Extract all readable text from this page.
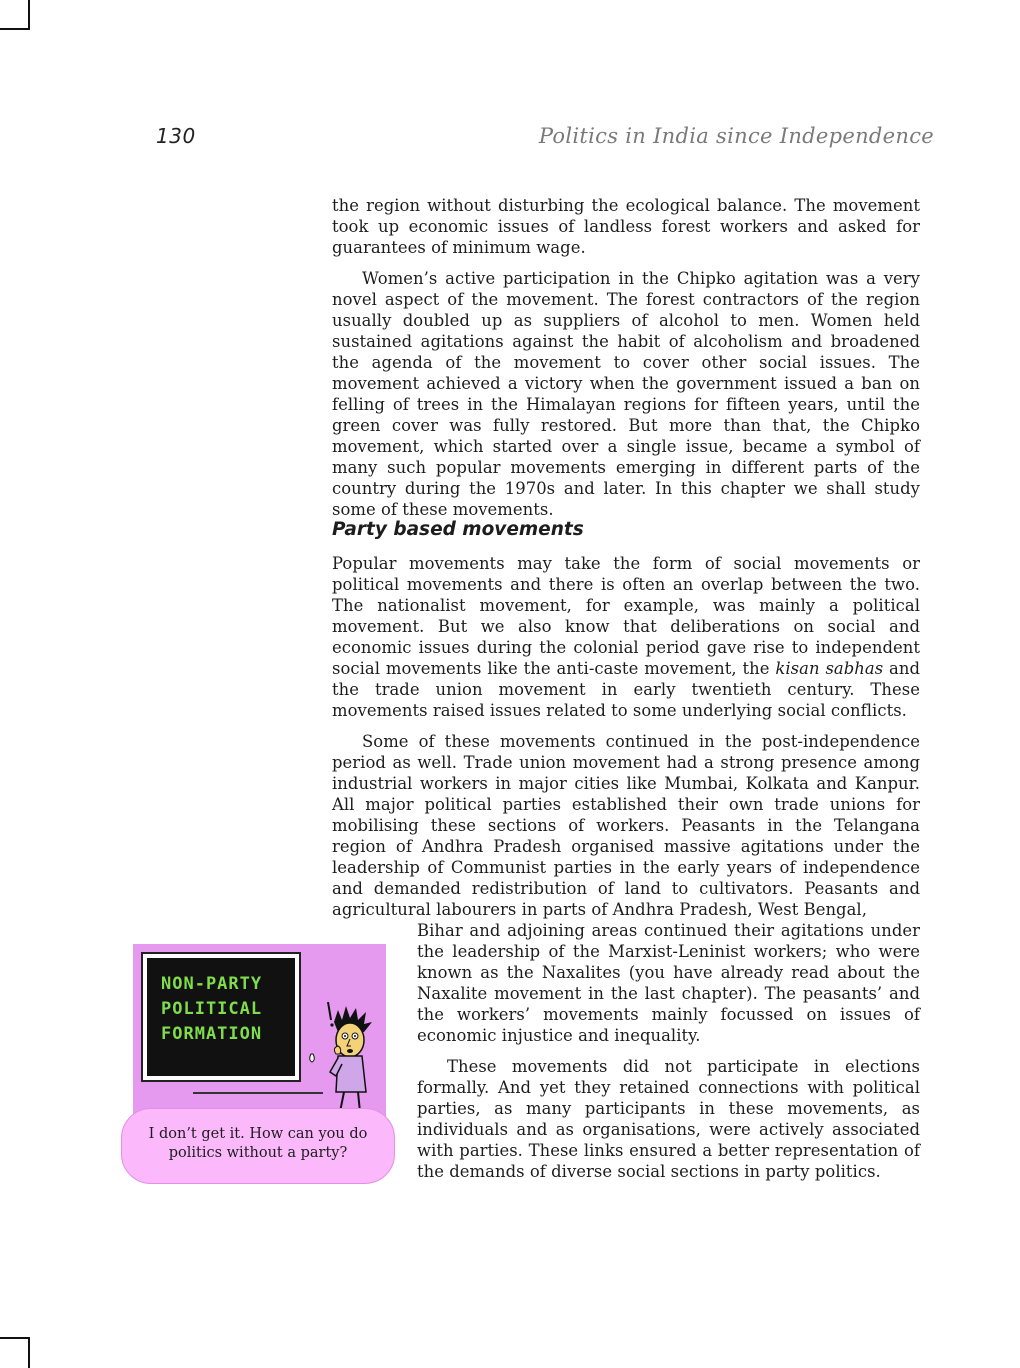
130	Politics in India since Independence

the region without disturbing the ecological balance. The movement took up economic issues of landless forest workers and asked for guarantees of minimum wage.

Women’s active participation in the Chipko agitation was a very novel aspect of the movement. The forest contractors of the region usually doubled up as suppliers of alcohol to men. Women held sustained agitations against the habit of alcoholism and broadened the agenda of the movement to cover other social issues. The movement achieved a victory when the government issued a ban on felling of trees in the Himalayan regions for fifteen years, until the green cover was fully restored. But more than that, the Chipko movement, which started over a single issue, became a symbol of many such popular movements emerging in different parts of the country during the 1970s and later. In this chapter we shall study some of these movements.

Party based movements

Popular movements may take the form of social movements or political movements and there is often an overlap between the two. The nationalist movement, for example, was mainly a political movement. But we also know that deliberations on social and economic issues during the colonial period gave rise to independent social movements like the anti-caste movement, the kisan sabhas and the trade union movement in early twentieth century. These movements raised issues related to some underlying social conflicts.

Some of these movements continued in the post-independence period as well. Trade union movement had a strong presence among industrial workers in major cities like Mumbai, Kolkata and Kanpur. All major political parties established their own trade unions for mobilising these sections of workers. Peasants in the Telangana region of Andhra Pradesh organised massive agitations under the leadership of Communist parties in the early years of independence and demanded redistribution of land to cultivators. Peasants and agricultural labourers in parts of Andhra Pradesh, West Bengal,

Bihar and adjoining areas continued their agitations under the leadership of the Marxist-Leninist workers; who were known as the Naxalites (you have already read about the Naxalite movement in the last chapter). The peasants’ and the workers’ movements mainly focussed on issues of economic injustice and inequality.

These movements did not participate in elections formally. And yet they retained connections with political parties, as many participants in these movements, as individuals and as organisations, were actively associated with parties. These links ensured a better representation of the demands of diverse social sections in party politics.

NON-PARTY
POLITICAL
FORMATION

I don’t get it. How can you do politics without a party?
